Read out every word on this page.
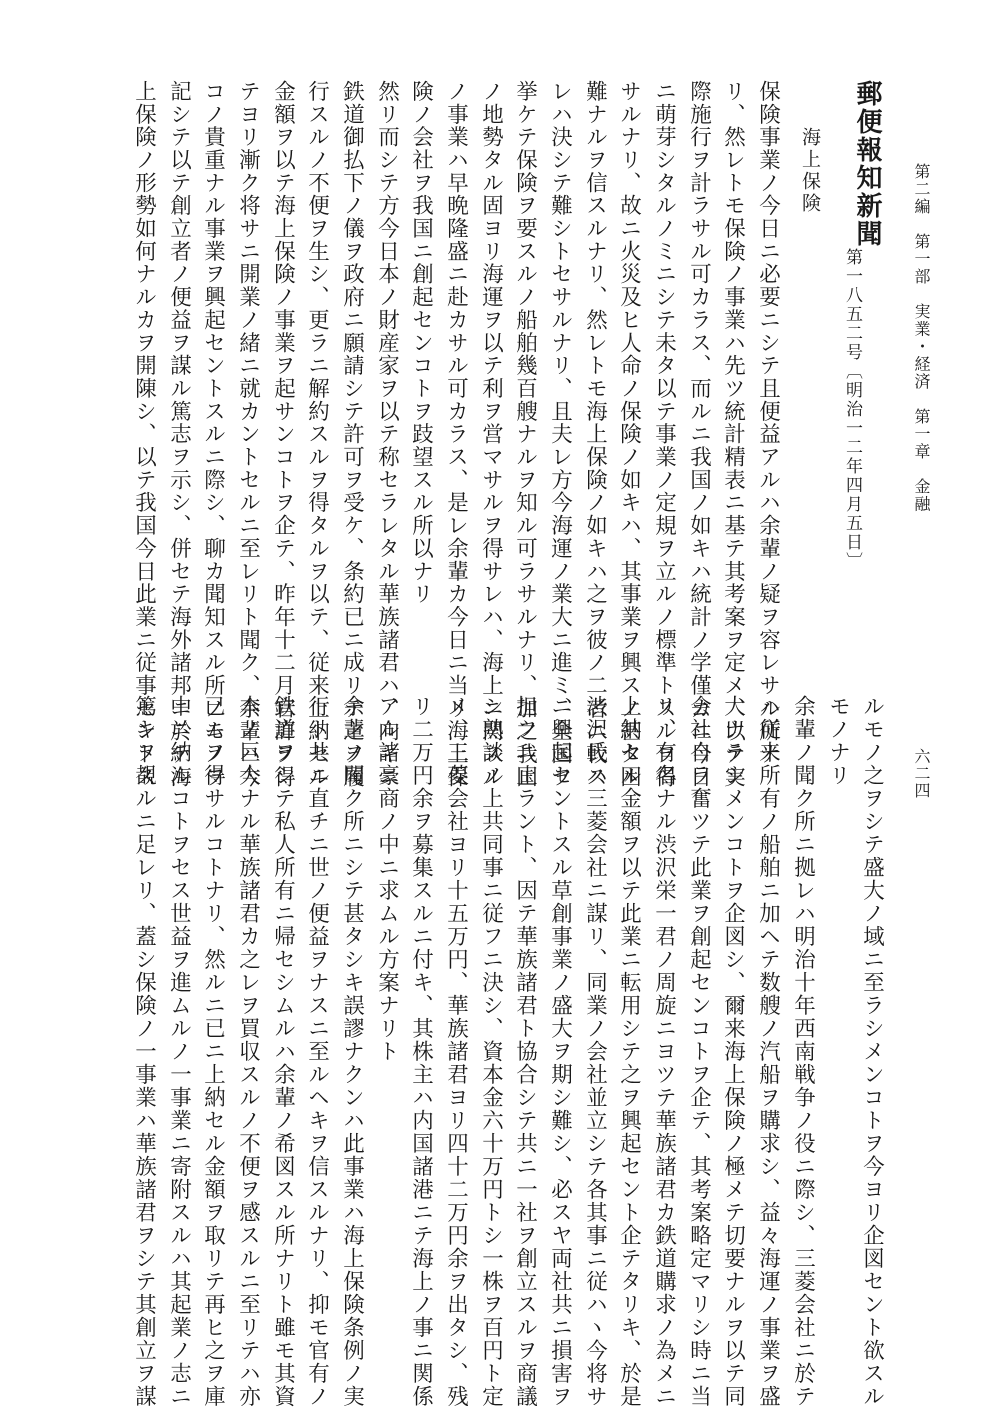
第二編　第一部　実業・経済　第一章　金融
六二四
郵便報知新聞
第一八五二号〔明治一二年四月五日〕
海上保険
保険事業ノ今日ニ必要ニシテ且便益アルハ余輩ノ疑ヲ容レサル所ナ
リ、然レトモ保険ノ事業ハ先ツ統計精表ニ基テ其考案ヲ定メ、以テ実
際施行ヲ計ラサル可カラス、而ルニ我国ノ如キハ統計ノ学僅カニ今日
ニ萌芽シタルノミニシテ未タ以テ事業ノ定規ヲ立ルノ標準トスルヲ得
サルナリ、故ニ火災及ヒ人命ノ保険ノ如キハ、其事業ヲ興スノ甚タ困
難ナルヲ信スルナリ、然レトモ海上保険ノ如キハ之ヲ彼ノ二者ニ較ス
レハ決シテ難シトセサルナリ、且夫レ方今海運ノ業大ニ進ミ、全国ヲ
挙ケテ保険ヲ要スルノ船舶幾百艘ナルヲ知ル可ラサルナリ、加之我国
ノ地勢タル固ヨリ海運ヲ以テ利ヲ営マサルヲ得サレハ、海上ニ関スル
ノ事業ハ早晩隆盛ニ赴カサル可カラス、是レ余輩カ今日ニ当リ海上保
険ノ会社ヲ我国ニ創起センコトヲ跂望スル所以ナリ
然リ而シテ方今日本ノ財産家ヲ以テ称セラレタル華族諸君ハ、向キニ
鉄道御払下ノ儀ヲ政府ニ願請シテ許可ヲ受ケ、条約已ニ成リテ之ヲ履
行スルノ不便ヲ生シ、更ラニ解約スルヲ得タルヲ以テ、従来上納セル
金額ヲ以テ海上保険ノ事業ヲ起サンコトヲ企テ、昨年十二月官許ヲ得
テヨリ漸ク将サニ開業ノ緒ニ就カントセルニ至レリト聞ク、余輩ハ今
コノ貴重ナル事業ヲ興起セントスルニ際シ、聊カ聞知スル所ノモノヲ
記シテ以テ創立者ノ便益ヲ謀ル篤志ヲ示シ、併セテ海外諸邦ニ於テ海
上保険ノ形勢如何ナルカヲ開陳シ、以テ我国今日此業ニ従事セントス
ルモノ之ヲシテ盛大ノ域ニ至ラシメンコトヲ今ヨリ企図セント欲スル
モノナリ
余輩ノ聞ク所ニ拠レハ明治十年西南戦争ノ役ニ際シ、三菱会社ニ於テ
ハ従来所有ノ船舶ニ加ヘテ数艘ノ汽船ヲ購求シ、益々海運ノ事業ヲ盛
大ナラシメンコトヲ企図シ、爾来海上保険ノ極メテ切要ナルヲ以テ同
会社自ラ奮ツテ此業ヲ創起センコトヲ企テ、其考案略定マリシ時ニ当
リ、有名ナル渋沢栄一君ノ周旋ニヨツテ華族諸君カ鉄道購求ノ為メニ
上納セル金額ヲ以テ此業ニ転用シテ之ヲ興起セント企テタリキ、於是
渋沢氏ハ三菱会社ニ謀リ、同業ノ会社並立シテ各其事ニ従ハヽ今将サ
ニ興起セントスル草創事業ノ盛大ヲ期シ難シ、必スヤ両社共ニ損害ヲ
担フニ止ラント、因テ華族諸君ト協合シテ共ニ一社ヲ創立スルヲ商議
シ熟談ノ上共同事ニ従フニ決シ、資本金六十万円トシ一株ヲ百円ト定
メ、三菱会社ヨリ十五万円、華族諸君ヨリ四十二万円余ヲ出タシ、残
リ二万円余ヲ募集スルニ付キ、其株主ハ内国諸港ニテ海上ノ事ニ関係
アル諸豪商ノ中ニ求ムル方案ナリト
余輩ノ聞ク所ニシテ甚タシキ誤謬ナクンハ此事業ハ海上保険条例ノ実
行ト共ニ直チニ世ノ便益ヲナスニ至ルヘキヲ信スルナリ、抑モ官有ノ
鉄道ヲシテ私人所有ニ帰セシムルハ余輩ノ希図スル所ナリト雖モ其資
本ノ巨大ナル華族諸君カ之レヲ買収スルノ不便ヲ感スルニ至リテハ亦
已ムヲ得サルコトナリ、然ルニ已ニ上納セル金額ヲ取リテ再ヒ之ヲ庫
中ニ納ルコトヲセス世益ヲ進ムルノ一事業ニ寄附スルハ其起業ノ志ニ
篤キヲ覩ルニ足レリ、蓋シ保険ノ一事業ハ華族諸君ヲシテ其創立ヲ謀
